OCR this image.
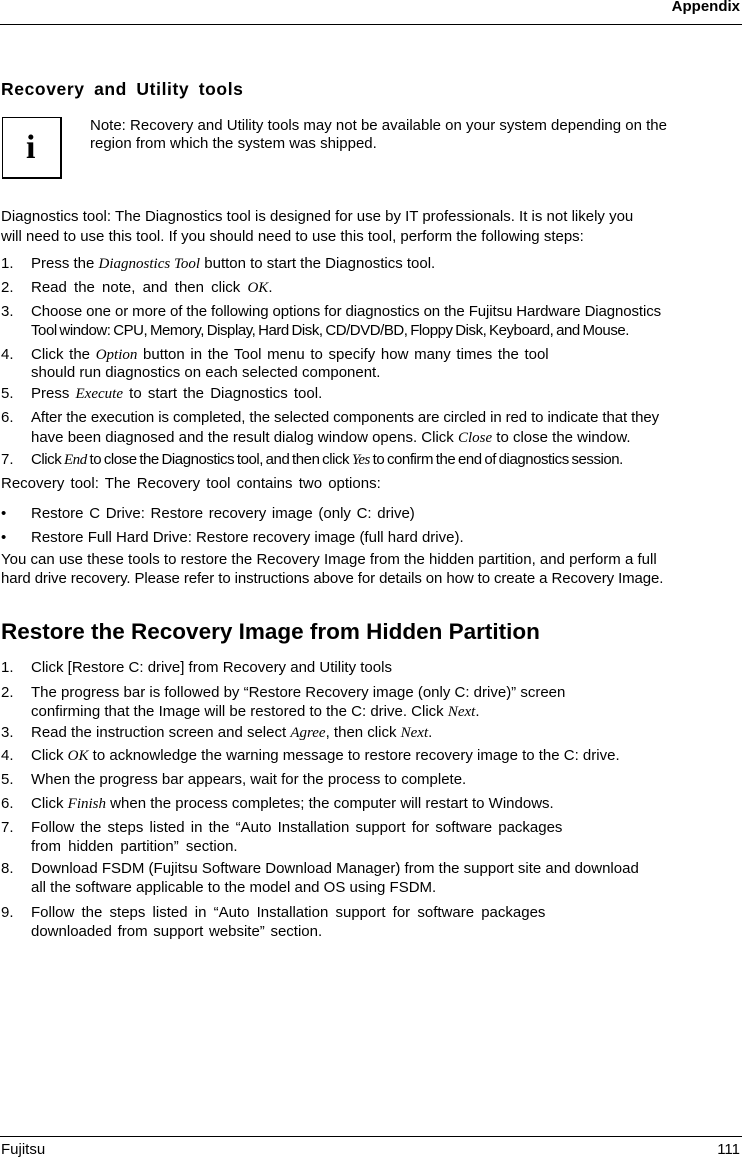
Appendix
Recovery and Utility tools
i
Note: Recovery and Utility tools may not be available on your system depending on the region from which the system was shipped.
Diagnostics tool: The Diagnostics tool is designed for use by IT professionals. It is not likely you
will need to use this tool. If you should need to use this tool, perform the following steps:
1. Press the Diagnostics Tool button to start the Diagnostics tool.
2. Read the note, and then click OK.
3. Choose one or more of the following options for diagnostics on the Fujitsu Hardware Diagnostics
Tool window: CPU, Memory, Display, Hard Disk, CD/DVD/BD, Floppy Disk, Keyboard, and Mouse.
4. Click the Option button in the Tool menu to specify how many times the tool
should run diagnostics on each selected component.
5. Press Execute to start the Diagnostics tool.
6. After the execution is completed, the selected components are circled in red to indicate that they
have been diagnosed and the result dialog window opens. Click Close to close the window.
7. Click End to close the Diagnostics tool, and then click Yes to confirm the end of diagnostics session.
Recovery tool: The Recovery tool contains two options:
• Restore C Drive: Restore recovery image (only C: drive)
• Restore Full Hard Drive: Restore recovery image (full hard drive).
You can use these tools to restore the Recovery Image from the hidden partition, and perform a full
hard drive recovery. Please refer to instructions above for details on how to create a Recovery Image.
Restore the Recovery Image from Hidden Partition
1. Click [Restore C: drive] from Recovery and Utility tools
2. The progress bar is followed by “Restore Recovery image (only C: drive)” screen
confirming that the Image will be restored to the C: drive. Click Next.
3. Read the instruction screen and select Agree, then click Next.
4. Click OK to acknowledge the warning message to restore recovery image to the C: drive.
5. When the progress bar appears, wait for the process to complete.
6. Click Finish when the process completes; the computer will restart to Windows.
7. Follow the steps listed in the “Auto Installation support for software packages
from hidden partition” section.
8. Download FSDM (Fujitsu Software Download Manager) from the support site and download
all the software applicable to the model and OS using FSDM.
9. Follow the steps listed in “Auto Installation support for software packages
downloaded from support website” section.
Fujitsu	111
